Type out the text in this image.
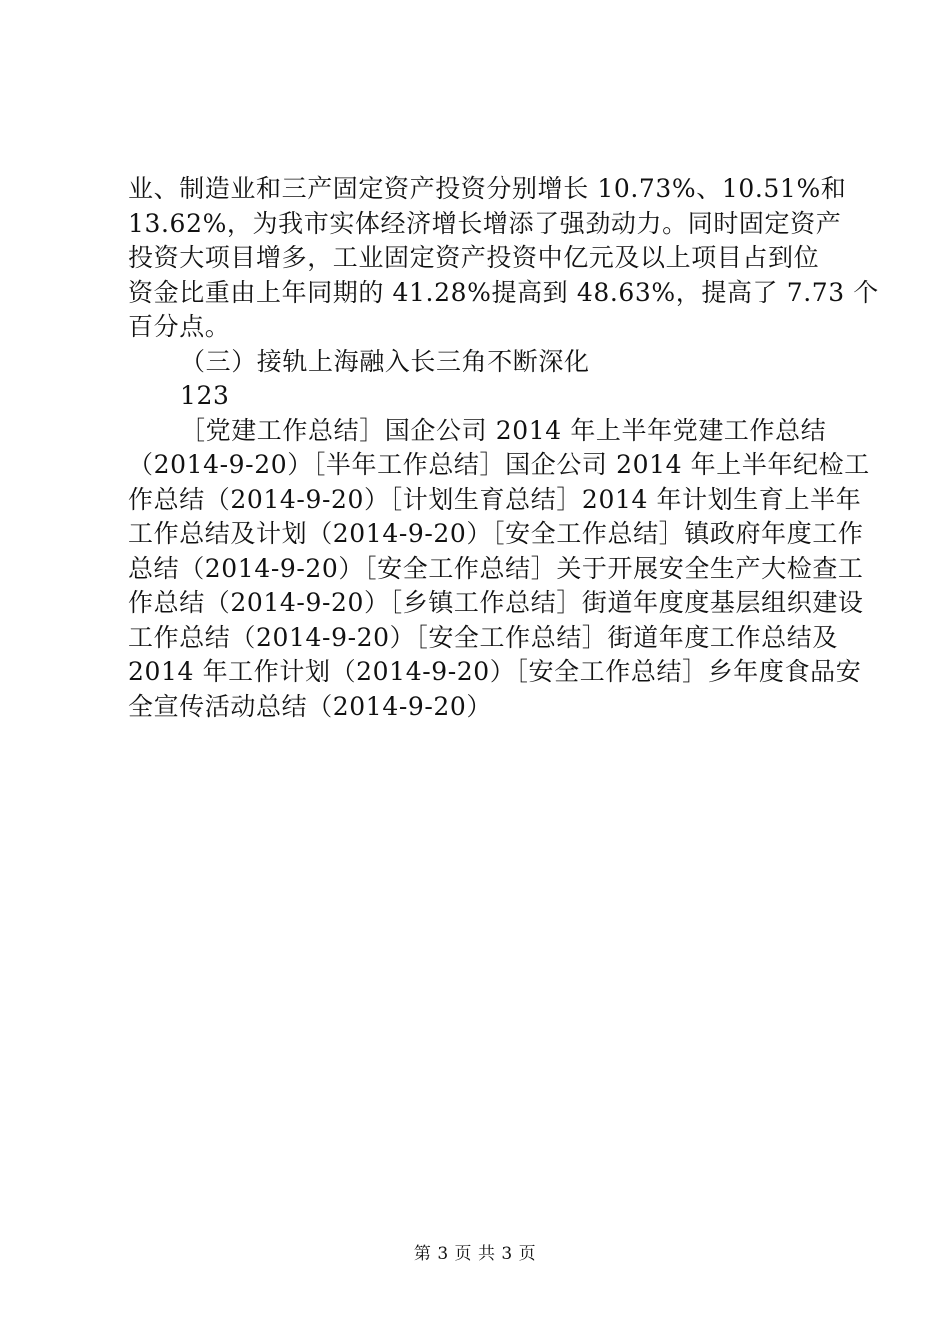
业、制造业和三产固定资产投资分别增长 10.73%、10.51%和
13.62%，为我市实体经济增长增添了强劲动力。同时固定资产
投资大项目增多，工业固定资产投资中亿元及以上项目占到位
资金比重由上年同期的 41.28%提高到 48.63%，提高了 7.73 个
百分点。
（三）接轨上海融入长三角不断深化
123
［党建工作总结］国企公司 2014 年上半年党建工作总结
（2014-9-20）［半年工作总结］国企公司 2014 年上半年纪检工
作总结（2014-9-20）［计划生育总结］2014 年计划生育上半年
工作总结及计划（2014-9-20）［安全工作总结］镇政府年度工作
总结（2014-9-20）［安全工作总结］关于开展安全生产大检查工
作总结（2014-9-20）［乡镇工作总结］街道年度度基层组织建设
工作总结（2014-9-20）［安全工作总结］街道年度工作总结及
2014 年工作计划（2014-9-20）［安全工作总结］乡年度食品安
全宣传活动总结（2014-9-20）
第 3 页 共 3 页
